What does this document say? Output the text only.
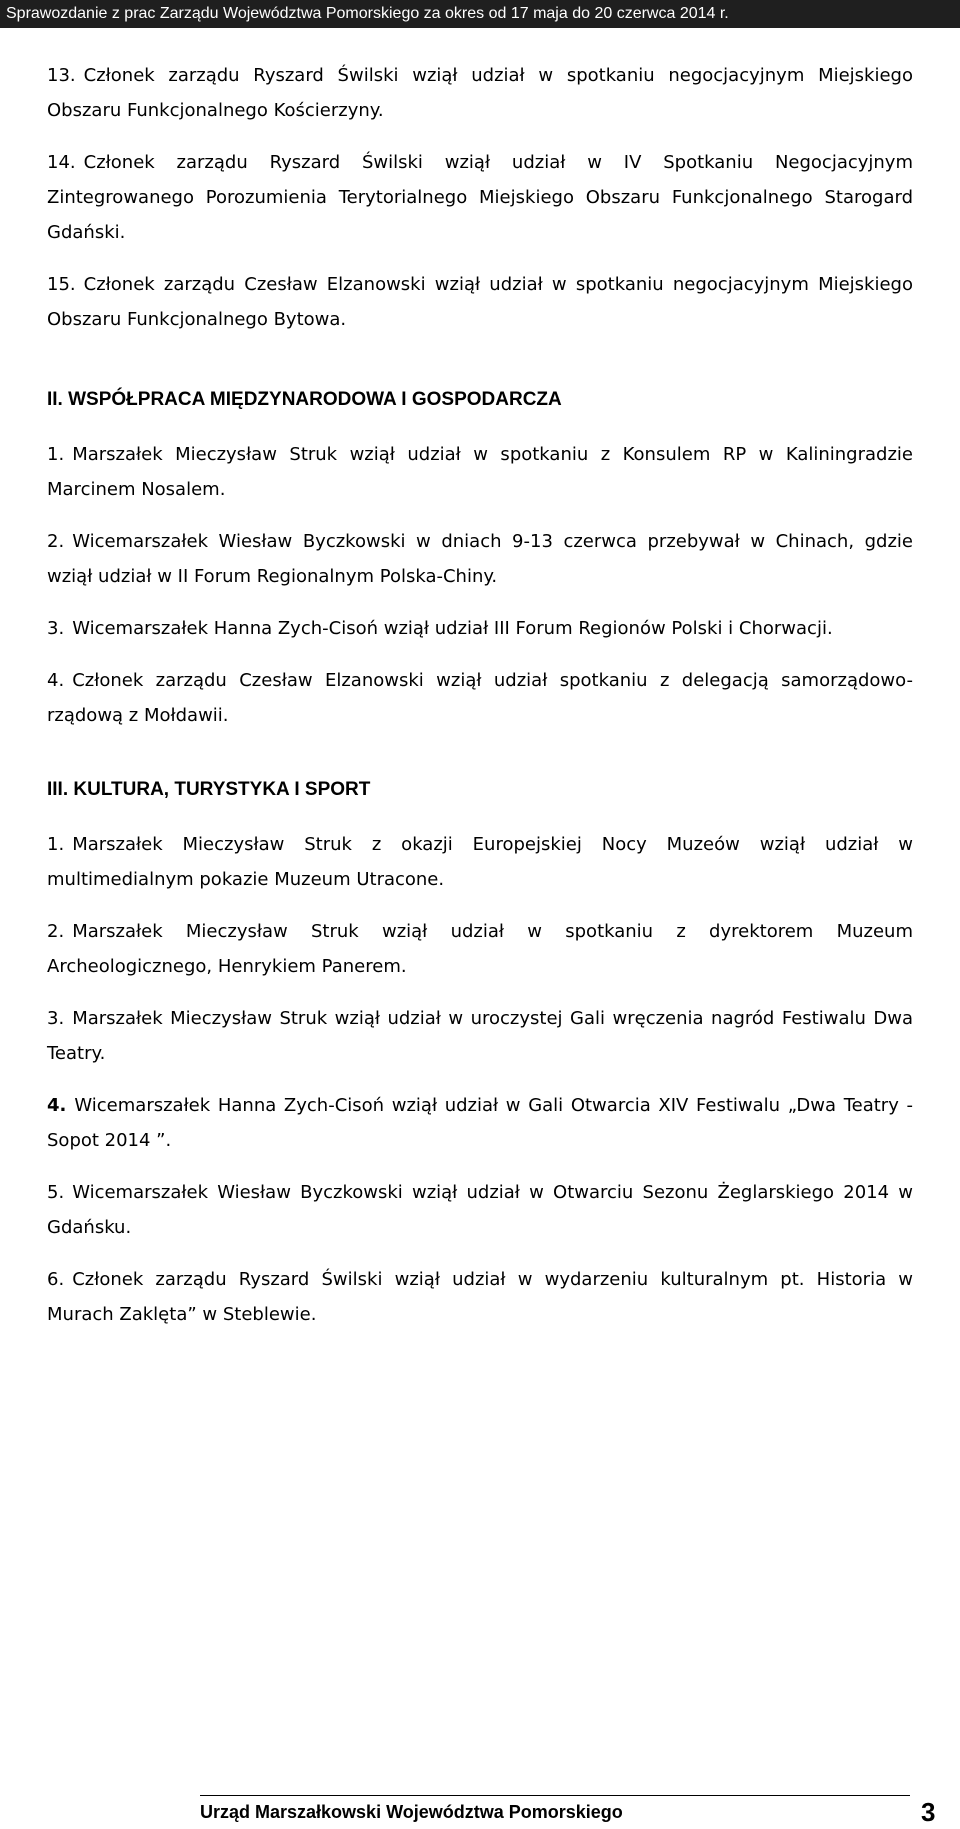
Sprawozdanie z prac Zarządu Województwa Pomorskiego za okres od 17 maja do 20 czerwca 2014 r.
13. Członek zarządu Ryszard Świlski wziął udział w spotkaniu negocjacyjnym Miejskiego Obszaru Funkcjonalnego Kościerzyny.
14. Członek zarządu Ryszard Świlski wziął udział w IV Spotkaniu Negocjacyjnym Zintegrowanego Porozumienia Terytorialnego Miejskiego Obszaru Funkcjonalnego Starogard Gdański.
15. Członek zarządu Czesław Elzanowski wziął udział w spotkaniu negocjacyjnym Miejskiego Obszaru Funkcjonalnego Bytowa.
II. WSPÓŁPRACA MIĘDZYNARODOWA I GOSPODARCZA
1. Marszałek Mieczysław Struk wziął udział w spotkaniu z Konsulem RP w Kaliningradzie Marcinem Nosalem.
2. Wicemarszałek Wiesław Byczkowski w dniach 9-13 czerwca przebywał w Chinach, gdzie wziął udział w II Forum Regionalnym Polska-Chiny.
3. Wicemarszałek Hanna Zych-Cisoń wziął udział III Forum Regionów Polski i Chorwacji.
4. Członek zarządu Czesław Elzanowski wziął udział spotkaniu z delegacją samorządowo-rządową z Mołdawii.
III. KULTURA, TURYSTYKA I SPORT
1. Marszałek Mieczysław Struk z okazji Europejskiej Nocy Muzeów wziął udział w multimedialnym pokazie Muzeum Utracone.
2. Marszałek Mieczysław Struk wziął udział w spotkaniu z dyrektorem Muzeum Archeologicznego, Henrykiem Panerem.
3. Marszałek Mieczysław Struk wziął udział w uroczystej Gali wręczenia nagród Festiwalu Dwa Teatry.
4. Wicemarszałek Hanna Zych-Cisoń wziął udział w Gali Otwarcia XIV Festiwalu „Dwa Teatry - Sopot 2014 ”.
5. Wicemarszałek Wiesław Byczkowski wziął udział w Otwarciu Sezonu Żeglarskiego 2014 w Gdańsku.
6. Członek zarządu Ryszard Świlski wziął udział w wydarzeniu kulturalnym pt. Historia w Murach Zaklęta” w Steblewie.
Urząd Marszałkowski Województwa Pomorskiego	3
